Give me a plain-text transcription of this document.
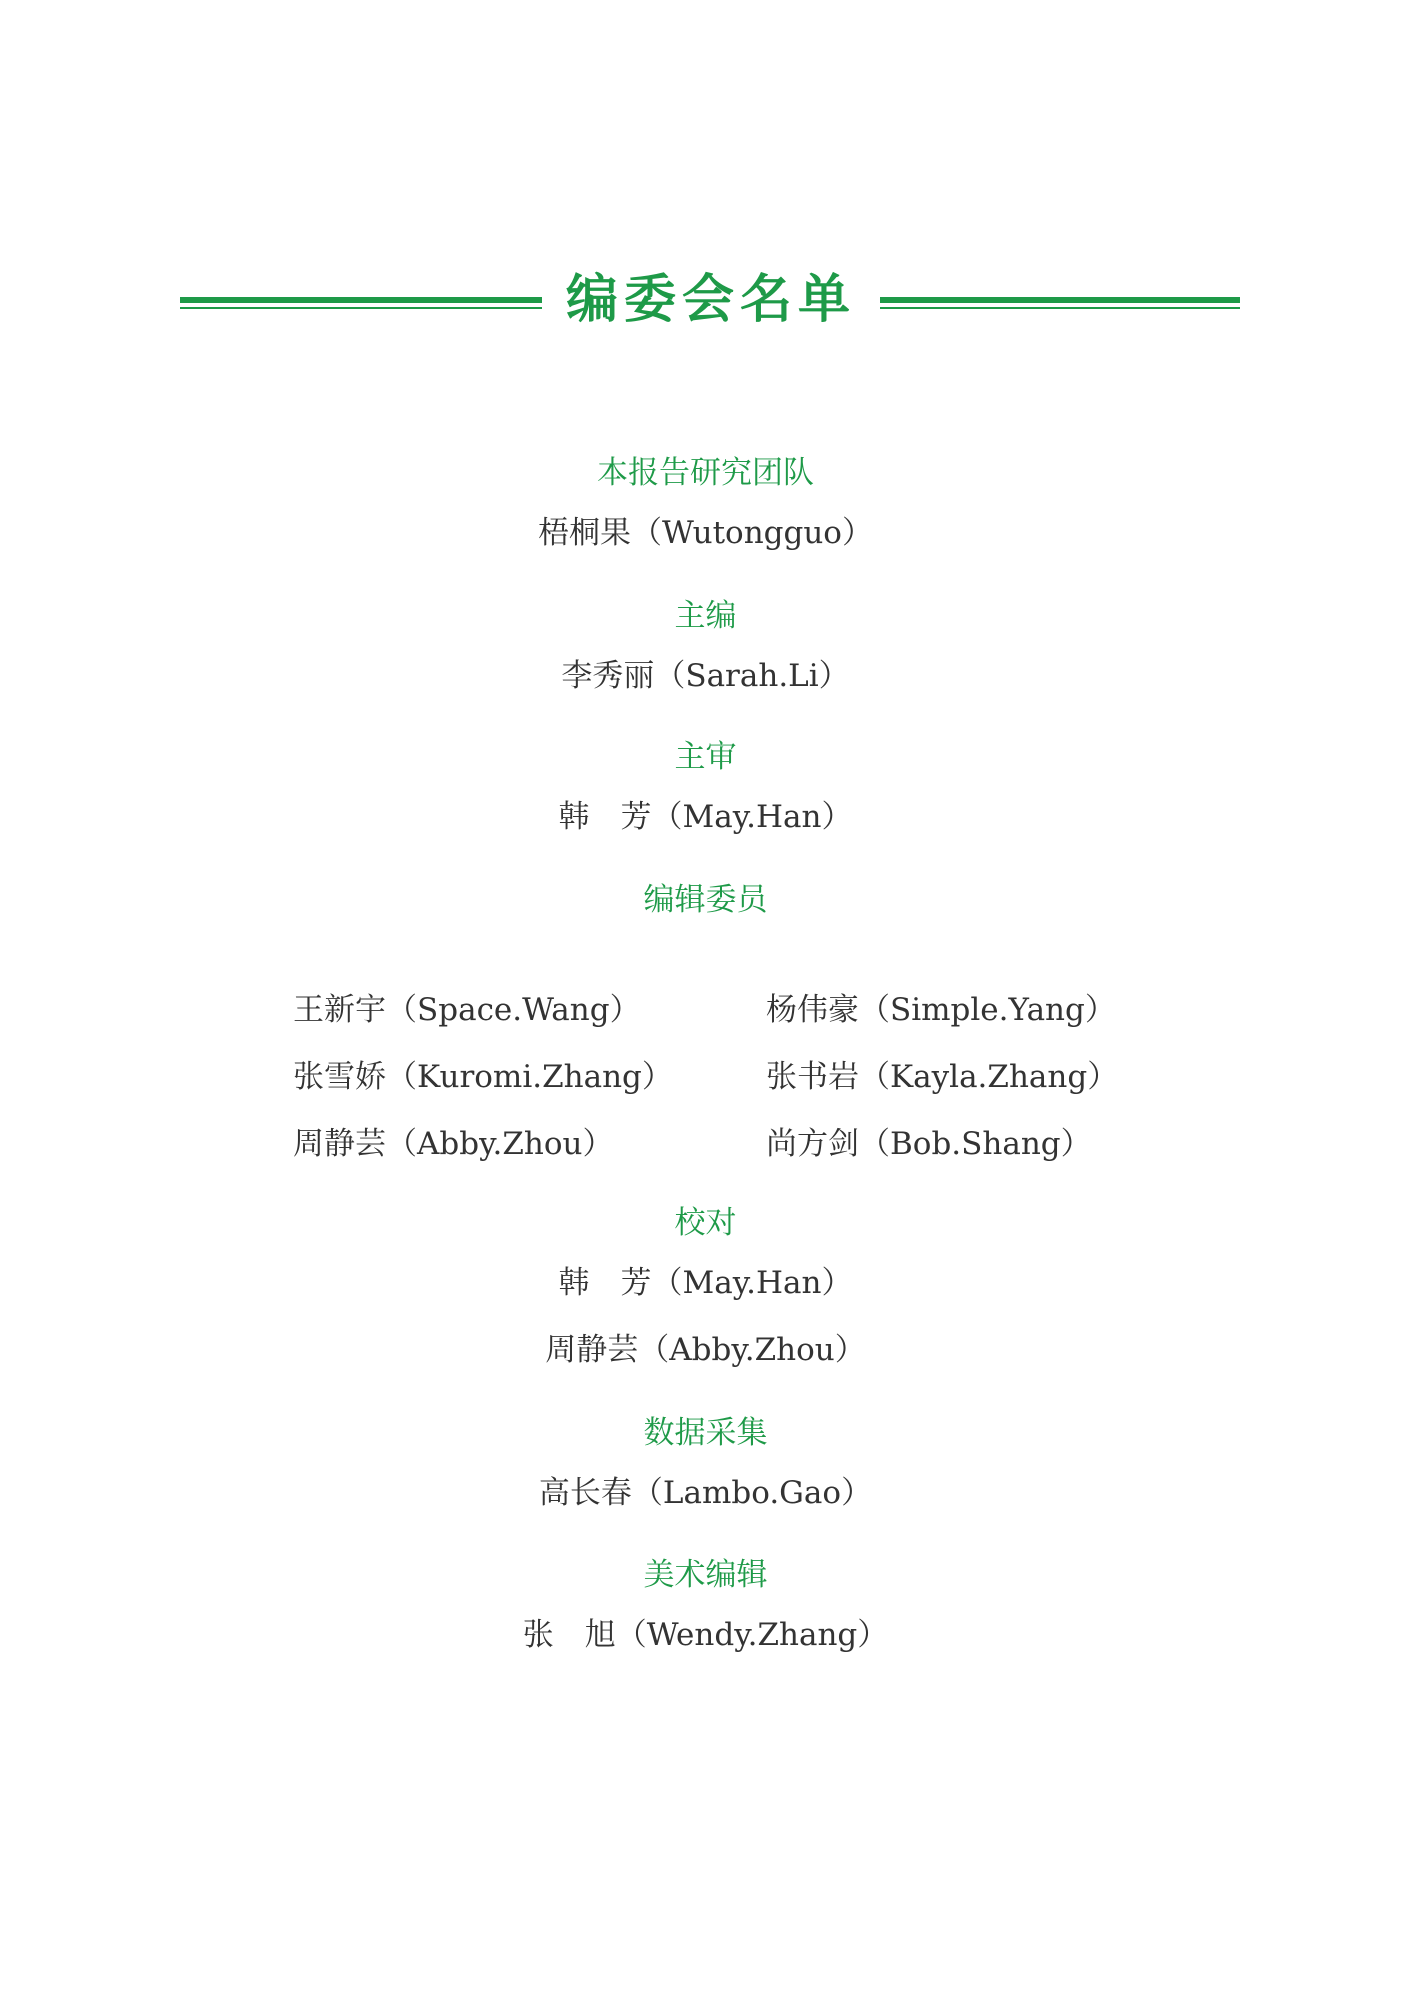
编委会名单
本报告研究团队
梧桐果（Wutongguo）
主编
李秀丽（Sarah.Li）
主审
韩　芳（May.Han）
编辑委员
王新宇（Space.Wang）	杨伟豪（Simple.Yang）
张雪娇（Kuromi.Zhang）	张书岩（Kayla.Zhang）
周静芸（Abby.Zhou）	尚方剑（Bob.Shang）
校对
韩　芳（May.Han）
周静芸（Abby.Zhou）
数据采集
高长春（Lambo.Gao）
美术编辑
张　旭（Wendy.Zhang）
